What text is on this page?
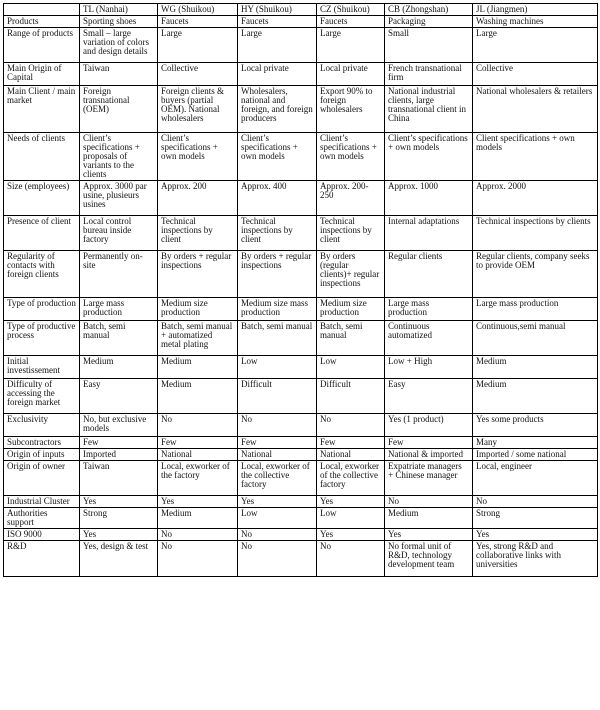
	TL (Nanhai)	WG (Shuikou)	HY (Shuikou)	CZ (Shuikou)	CB (Zhongshan)	JL (Jiangmen)
Products	Sporting shoes	Faucets	Faucets	Faucets	Packaging	Washing machines
Range of products	Small – large variation of colors and design details	Large	Large	Large	Small	Large
Main Origin of Capital	Taiwan	Collective	Local private	Local private	French transnational firm	Collective
Main Client / main market	Foreign transnational (OEM)	Foreign clients & buyers (partial OEM). National wholesalers	Wholesalers, national and foreign, and foreign producers	Export 90% to foreign wholesalers	National industrial clients, large transnational client in China	National wholesalers & retailers
Needs of clients	Client’s specifications + proposals of variants to the clients	Client’s specifications + own models	Client’s specifications + own models	Client’s specifications + own models	Client’s specifications + own models	Client specifications + own models
Size (employees)	Approx. 3000 par usine, plusieurs usines	Approx. 200	Approx. 400	Approx. 200-250	Approx. 1000	Approx. 2000
Presence of client	Local control bureau inside factory	Technical inspections by client	Technical inspections by client	Technical inspections by client	Internal adaptations	Technical inspections by clients
Regularity of contacts with foreign clients	Permanently on-site	By orders + regular inspections	By orders + regular inspections	By orders (regular clients)+ regular inspections	Regular clients	Regular clients, company seeks to provide OEM
Type of production	Large mass production	Medium size production	Medium size mass production	Medium size production	Large mass production	Large mass production
Type of productive process	Batch, semi manual	Batch, semi manual + automatized metal plating	Batch, semi manual	Batch, semi manual	Continuous automatized	Continuous,semi manual
Initial investissement	Medium	Medium	Low	Low	Low + High	Medium
Difficulty of accessing the foreign market	Easy	Medium	Difficult	Difficult	Easy	Medium
Exclusivity	No, but exclusive models	No	No	No	Yes (1 product)	Yes some products
Subcontractors	Few	Few	Few	Few	Few	Many
Origin of inputs	Imported	National	National	National	National & imported	Imported / some national
Origin of owner	Taiwan	Local, exworker of the factory	Local, exworker of the collective factory	Local, exworker of the collective factory	Expatriate managers + Chinese manager	Local, engineer
Industrial Cluster	Yes	Yes	Yes	Yes	No	No
Authorities support	Strong	Medium	Low	Low	Medium	Strong
ISO 9000	Yes	No	No	Yes	Yes	Yes
R&D	Yes, design & test	No	No	No	No formal unit of R&D, technology development team	Yes, strong R&D and collaborative links with universities
